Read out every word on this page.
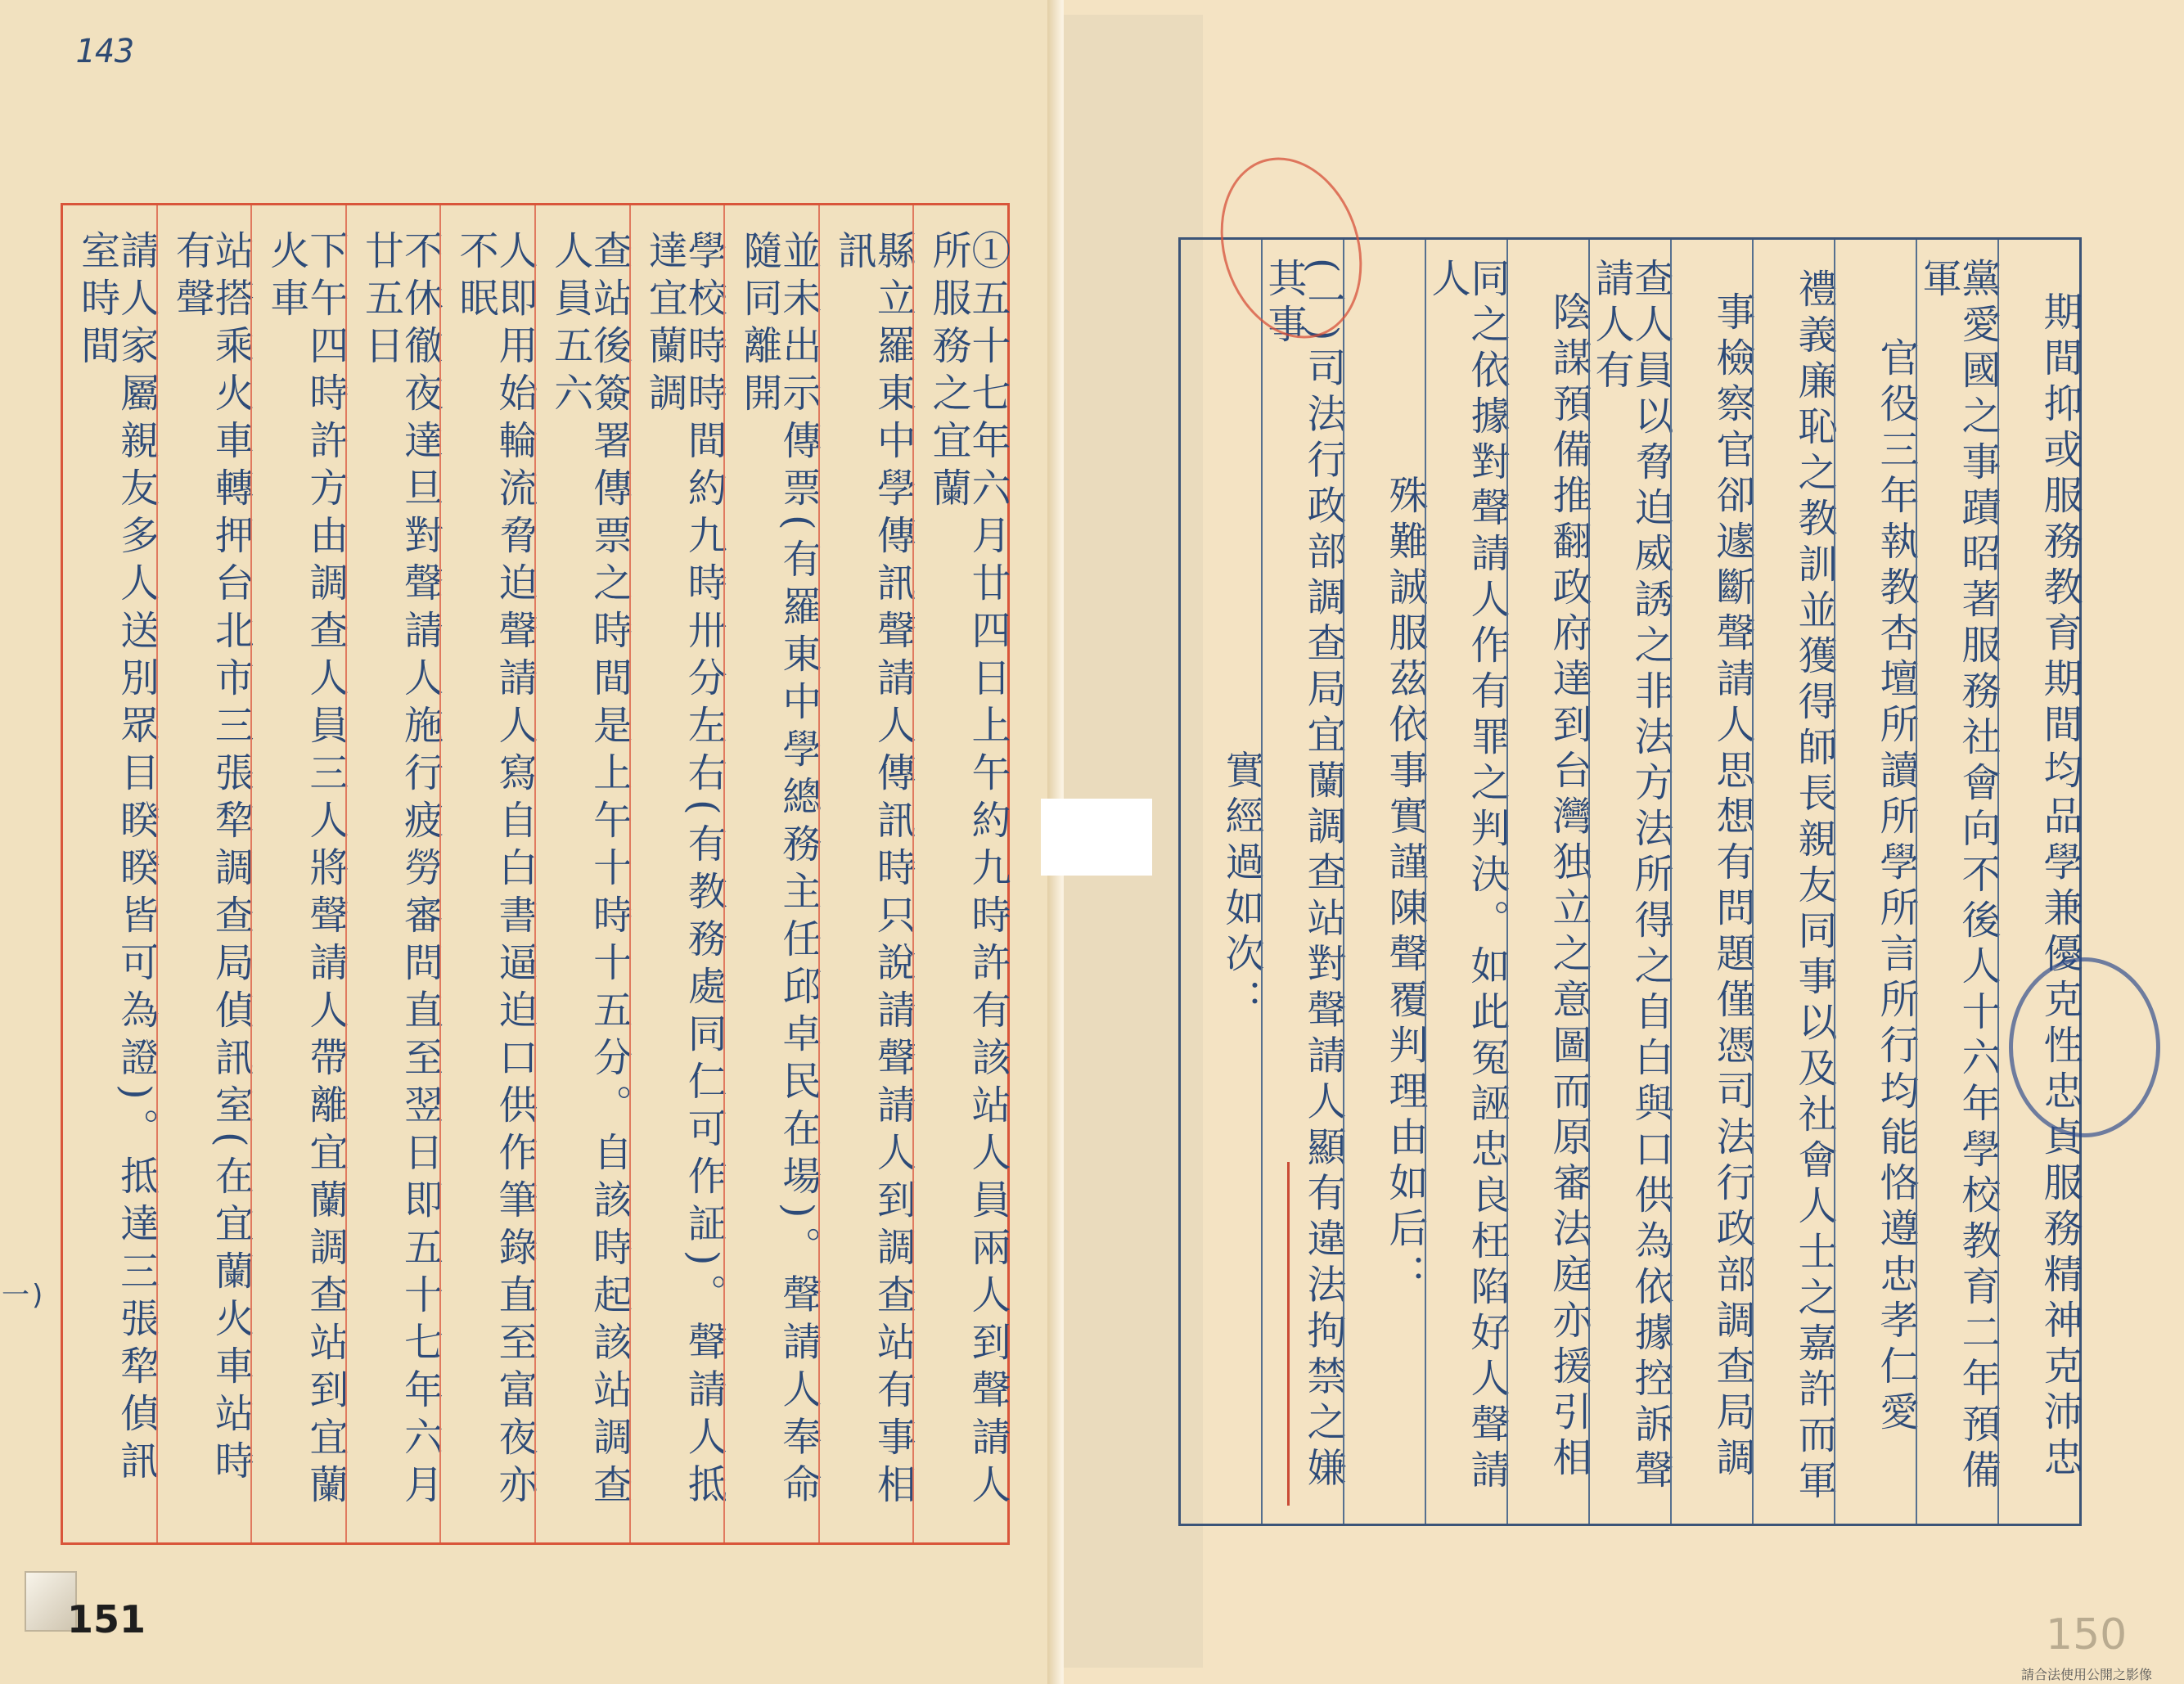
143
①五十七年六月廿四日上午約九時許有該站人員兩人到聲請人所服務之宜蘭
縣立羅東中學傳訊聲請人傳訊時只說請聲請人到調查站有事相訊
並未出示傳票(有羅東中學總務主任邱卓民在場)。聲請人奉命隨同離開
學校時時間約九時卅分左右(有教務處同仁可作証)。聲請人抵達宜蘭調
查站後簽署傳票之時間是上午十時十五分。自該時起該站調查人員五六
人即用始輪流脅迫聲請人寫自白書逼迫口供作筆錄直至富夜亦不眠
不休徹夜達旦對聲請人施行疲勞審問直至翌日即五十七年六月廿五日
下午四時許方由調查人員三人將聲請人帶離宜蘭調查站到宜蘭火車
站搭乘火車轉押台北市三張犂調查局偵訊室(在宜蘭火車站時有聲
請人家屬親友多人送別眾目睽睽皆可為證)。抵達三張犂偵訊室時間
一)
151	150
期間抑或服務教育期間均品學兼優克性忠貞服務精神克沛忠
黨愛國之事蹟昭著服務社會向不後人十六年學校教育二年預備軍
官役三年執教杏壇所讀所學所言所行均能恪遵忠孝仁愛
禮義廉恥之教訓並獲得師長親友同事以及社會人士之嘉許而軍
事檢察官卻遽斷聲請人思想有問題僅憑司法行政部調查局調
查人員以脅迫威誘之非法方法所得之自白與口供為依據控訴聲請人有
陰謀預備推翻政府達到台灣独立之意圖而原審法庭亦援引相
同之依據對聲請人作有罪之判決。如此冤誣忠良枉陷好人聲請人
殊難誠服茲依事實謹陳聲覆判理由如后：
(一)司法行政部調查局宜蘭調查站對聲請人顯有違法拘禁之嫌其事
實經過如次：
請合法使用公開之影像
